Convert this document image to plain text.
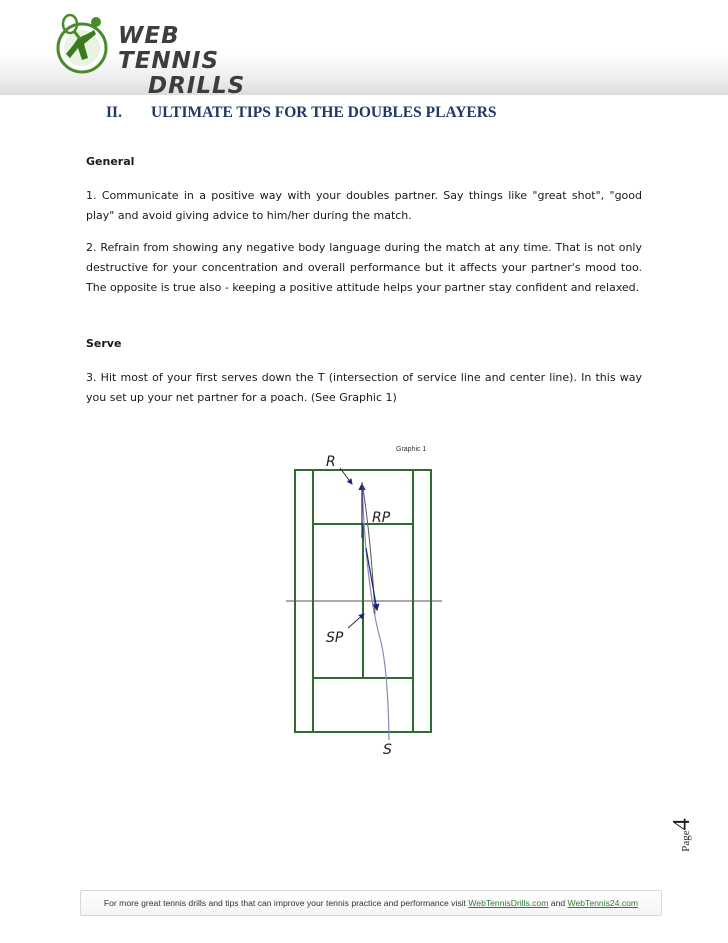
WEB TENNIS
DRILLS
II. ULTIMATE TIPS FOR THE DOUBLES PLAYERS
General

1. Communicate in a positive way with your doubles partner. Say things like "great shot", "good play" and avoid giving advice to him/her during the match.

2. Refrain from showing any negative body language during the match at any time. That is not only destructive for your concentration and overall performance but it affects your partner's mood too. The opposite is true also - keeping a positive attitude helps your partner stay confident and relaxed.

Serve

3. Hit most of your first serves down the T (intersection of service line and center line). In this way you set up your net partner for a poach. (See Graphic 1)

Graphic 1
R
RP
SP
S
Page4
For more great tennis drills and tips that can improve your tennis practice and performance visit WebTennisDrills.com and WebTennis24.com
